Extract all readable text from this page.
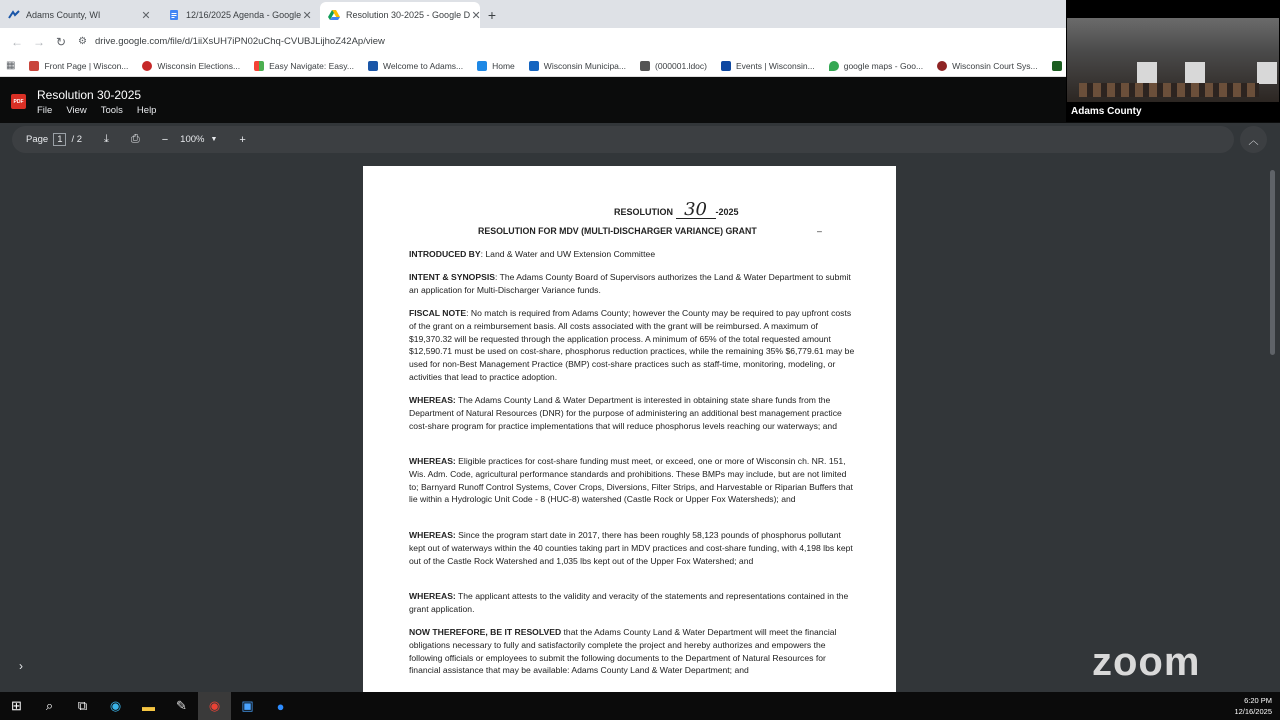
Adams County, WI	✕	12/16/2025 Agenda - Google ✕	Resolution 30-2025 - Google D ✕ +
← → ↻	⚙ drive.google.com/file/d/1iiXsUH7iPN02uChq-CVUBJLijhoZ42Ap/view
▦	Front Page | Wiscon...	Wisconsin Elections...	Easy Navigate: Easy...	Welcome to Adams...	Home	Wisconsin Municipa...	(000001.ldoc)	Events | Wisconsin...	google maps - Goo...	Wisconsin Court Sys...
PDF Resolution 30-2025
File View Tools Help
Page 1 / 2 ⤓ ⎙ − 100% ▼ +	︿
RESOLUTION 30 -2025
RESOLUTION FOR MDV (MULTI-DISCHARGER VARIANCE) GRANT	–
INTRODUCED BY: Land & Water and UW Extension Committee
INTENT & SYNOPSIS: The Adams County Board of Supervisors authorizes the Land & Water Department to submit an application for Multi-Discharger Variance funds.
FISCAL NOTE: No match is required from Adams County; however the County may be required to pay upfront costs of the grant on a reimbursement basis. All costs associated with the grant will be reimbursed. A maximum of $19,370.32 will be requested through the application process. A minimum of 65% of the total requested amount $12,590.71 must be used on cost-share, phosphorus reduction practices, while the remaining 35% $6,779.61 may be used for non-Best Management Practice (BMP) cost-share practices such as staff-time, monitoring, modeling, or activities that lead to practice adoption.
WHEREAS: The Adams County Land & Water Department is interested in obtaining state share funds from the Department of Natural Resources (DNR) for the purpose of administering an additional best management practice cost-share program for practice implementations that will reduce phosphorus levels reaching our waterways; and
WHEREAS: Eligible practices for cost-share funding must meet, or exceed, one or more of Wisconsin ch. NR. 151, Wis. Adm. Code, agricultural performance standards and prohibitions. These BMPs may include, but are not limited to; Barnyard Runoff Control Systems, Cover Crops, Diversions, Filter Strips, and Harvestable or Riparian Buffers that lie within a Hydrologic Unit Code - 8 (HUC-8) watershed (Castle Rock or Upper Fox Watersheds); and
WHEREAS: Since the program start date in 2017, there has been roughly 58,123 pounds of phosphorus pollutant kept out of waterways within the 40 counties taking part in MDV practices and cost-share funding, with 4,198 lbs kept out of the Castle Rock Watershed and 1,035 lbs kept out of the Upper Fox Watershed; and
WHEREAS: The applicant attests to the validity and veracity of the statements and representations contained in the grant application.
NOW THEREFORE, BE IT RESOLVED that the Adams County Land & Water Department will meet the financial obligations necessary to fully and satisfactorily complete the project and hereby authorizes and empowers the following officials or employees to submit the following documents to the Department of Natural Resources for financial assistance that may be available: Adams County Land & Water Department; and
›
Adams County
zoom
⊞	⌕	⧉	◉	▬	✎	◉	▣	●	6:20 PM
12/16/2025
